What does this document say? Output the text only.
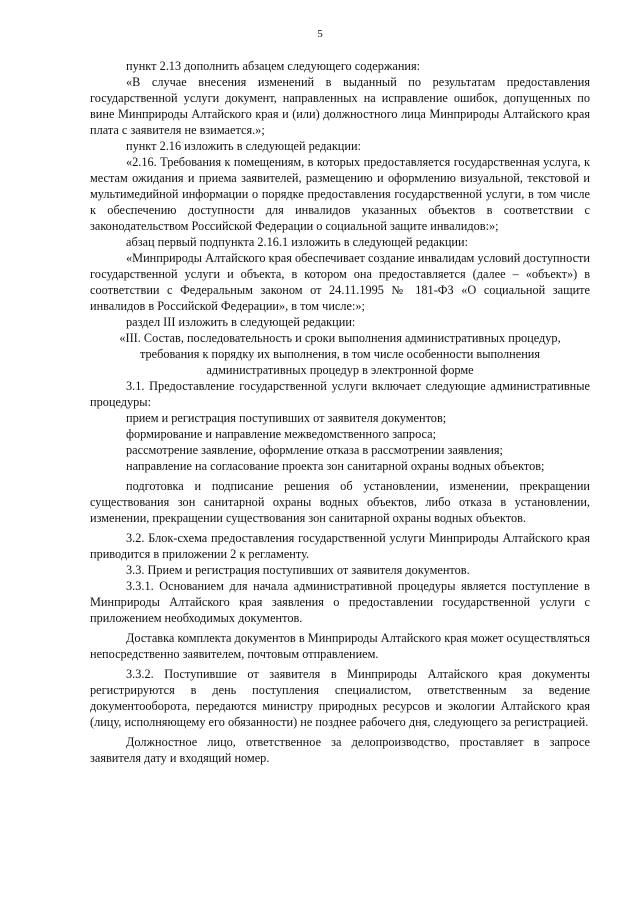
5

пункт 2.13 дополнить абзацем следующего содержания:

«В случае внесения изменений в выданный по результатам предоставления государственной услуги документ, направленных на исправление ошибок, допущенных по вине Минприроды Алтайского края и (или) должностного лица Минприроды Алтайского края плата с заявителя не взимается.»;

пункт 2.16 изложить в следующей редакции:

«2.16. Требования к помещениям, в которых предоставляется государственная услуга, к местам ожидания и приема заявителей, размещению и оформлению визуальной, текстовой и мультимедийной информации о порядке предоставления государственной услуги, в том числе к обеспечению доступности для инвалидов указанных объектов в соответствии с законодательством Российской Федерации о социальной защите инвалидов:»;

абзац первый подпункта 2.16.1 изложить в следующей редакции:

«Минприроды Алтайского края обеспечивает создание инвалидам условий доступности государственной услуги и объекта, в котором она предоставляется (далее – «объект») в соответствии с Федеральным законом от 24.11.1995 № 181-ФЗ «О социальной защите инвалидов в Российской Федерации», в том числе:»;

раздел III изложить в следующей редакции:

«III. Состав, последовательность и сроки выполнения административных процедур, требования к порядку их выполнения, в том числе особенности выполнения административных процедур в электронной форме

3.1. Предоставление государственной услуги включает следующие административные процедуры:

прием и регистрация поступивших от заявителя документов;

формирование и направление межведомственного запроса;

рассмотрение заявление, оформление отказа в рассмотрении заявления;

направление на согласование проекта зон санитарной охраны водных объектов;

подготовка и подписание решения об установлении, изменении, прекращении существования зон санитарной охраны водных объектов, либо отказа в установлении, изменении, прекращении существования зон санитарной охраны водных объектов.

3.2. Блок-схема предоставления государственной услуги Минприроды Алтайского края приводится в приложении 2 к регламенту.

3.3. Прием и регистрация поступивших от заявителя документов.

3.3.1. Основанием для начала административной процедуры является поступление в Минприроды Алтайского края заявления о предоставлении государственной услуги с приложением необходимых документов.

Доставка комплекта документов в Минприроды Алтайского края может осуществляться непосредственно заявителем, почтовым отправлением.

3.3.2. Поступившие от заявителя в Минприроды Алтайского края документы регистрируются в день поступления специалистом, ответственным за ведение документооборота, передаются министру природных ресурсов и экологии Алтайского края (лицу, исполняющему его обязанности) не позднее рабочего дня, следующего за регистрацией.

Должностное лицо, ответственное за делопроизводство, проставляет в запросе заявителя дату и входящий номер.
